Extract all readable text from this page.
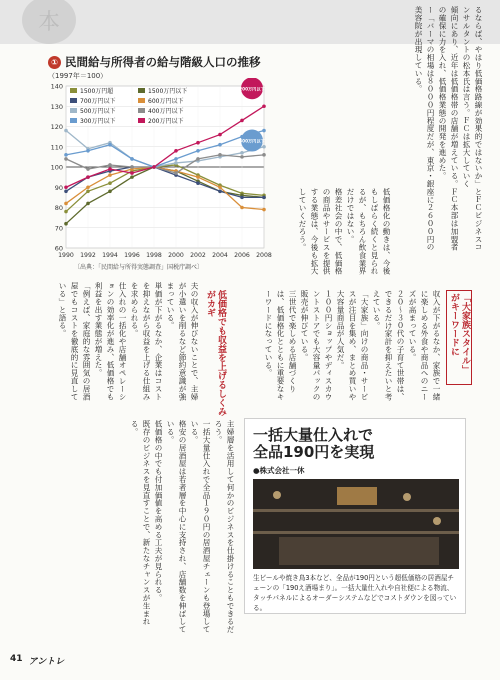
本
① 民間給与所得者の給与階級人口の推移
（1997年＝100）
60
70
80
90
100
110
120
130
140
1990 1992 1994 1996 1998 2000 2002 2004 2006 2008
1500万円超	1500万円以下
700万円以下	600万円以下
500万円以下	400万円以下
300万円以下	200万円以下
200万円以下
300万円以下
〔出典：「民間給与所得実態調査」国税庁調べ〕
るならば、やはり低価格路線が効果的ではないか」とＦＣビジネスコンサルタントの松本氏は言う。ＦＣは拡大していく
傾向にあり、近年は低価格帯の店舗が増えている。ＦＣ本部は加盟者の確保に力を入れ、低価格業態の開発を進めた。
ー「バーマの相場は８０００円程度だが、東京・銀座に２６００円の美容院が出現している。
低価格化の動きは、今後もしばらく続くと見られるが、もちろん飲食業界だけではない。
格差社会の中で、低価格の商品やサービスを提供する業態は、今後も拡大していくだろう。
「大家族スタイル」がキーワードに
収入が下がるなか、家族で一緒に楽しめる外食や商品へのニーズが高まっている。
２０〜３０代の子育て世帯は、できるだけ家計を抑えたいと考えている。
「大家族」向けの商品・サービスが注目を集め、まとめ買いや大容量商品が人気だ。
１００円ショップやディスカウントストアでも大容量パックの販売が伸びている。
三世代で楽しめる店舗づくりは、低価格化とともに重要なキーワードになっている。
低価格でも収益を上げるしくみがカギ
夫の収入が伸びないことで、主婦が小遣いを削るなど節約意識が強まっている。
単価が下がるなか、企業はコストを抑えながら収益を上げる仕組みを求められる。
仕入れの一括化や店舗オペレーションの効率化が進み、低価格でも利益を出す業態が増えた。
「例えば、家庭的な雰囲気の居酒屋でもコストを徹底的に見直している」と語る。
主婦層を活用して何かのビジネスを仕掛けることもできるだろう。
一括大量仕入れで全品１９０円の居酒屋チェーンも登場している。
格安の居酒屋は若者層を中心に支持され、店舗数を伸ばしている。
低価格の中でも付加価値を高める工夫が見られる。
既存のビジネスを見直すことで、新たなチャンスが生まれる。	一括大量仕入れで
全品190円を実現
●株式会社一休
生ビールや焼き鳥3本など、全品が190円という超低価格の居酒屋チェーンの「190え酒場まり」。一括大量仕入れや自社便による物流、タッチパネルによるオーダーシステムなどでコストダウンを図っている。
41 アントレ
